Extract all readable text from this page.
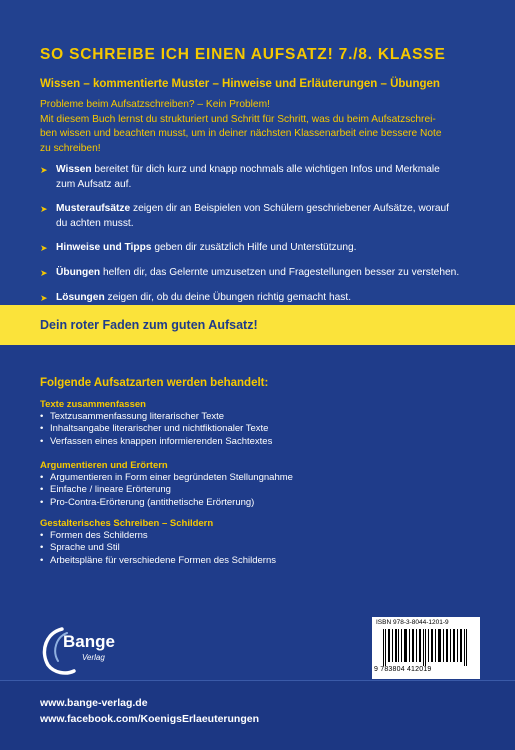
SO SCHREIBE ICH EINEN AUFSATZ! 7./8. KLASSE
Wissen – kommentierte Muster – Hinweise und Erläuterungen – Übungen
Probleme beim Aufsatzschreiben? – Kein Problem!
Mit diesem Buch lernst du strukturiert und Schritt für Schritt, was du beim Aufsatzschrei-
ben wissen und beachten musst, um in deiner nächsten Klassenarbeit eine bessere Note
zu schreiben!
➤ Wissen bereitet für dich kurz und knapp nochmals alle wichtigen Infos und Merkmale
zum Aufsatz auf.
➤ Musteraufsätze zeigen dir an Beispielen von Schülern geschriebener Aufsätze, worauf
du achten musst.
➤ Hinweise und Tipps geben dir zusätzlich Hilfe und Unterstützung.
➤ Übungen helfen dir, das Gelernte umzusetzen und Fragestellungen besser zu verstehen.
➤ Lösungen zeigen dir, ob du deine Übungen richtig gemacht hast.
Dein roter Faden zum guten Aufsatz!
Folgende Aufsatzarten werden behandelt:
Texte zusammenfassen
• Textzusammenfassung literarischer Texte
• Inhaltsangabe literarischer und nichtfiktionaler Texte
• Verfassen eines knappen informierenden Sachtextes
Argumentieren und Erörtern
• Argumentieren in Form einer begründeten Stellungnahme
• Einfache / lineare Erörterung
• Pro-Contra-Erörterung (antithetische Erörterung)
Gestalterisches Schreiben – Schildern
• Formen des Schilderns
• Sprache und Stil
• Arbeitspläne für verschiedene Formen des Schilderns
Bange
Verlag
ISBN 978-3-8044-1201-9
9 783804 412019
www.bange-verlag.de
www.facebook.com/KoenigsErlaeuterungen
